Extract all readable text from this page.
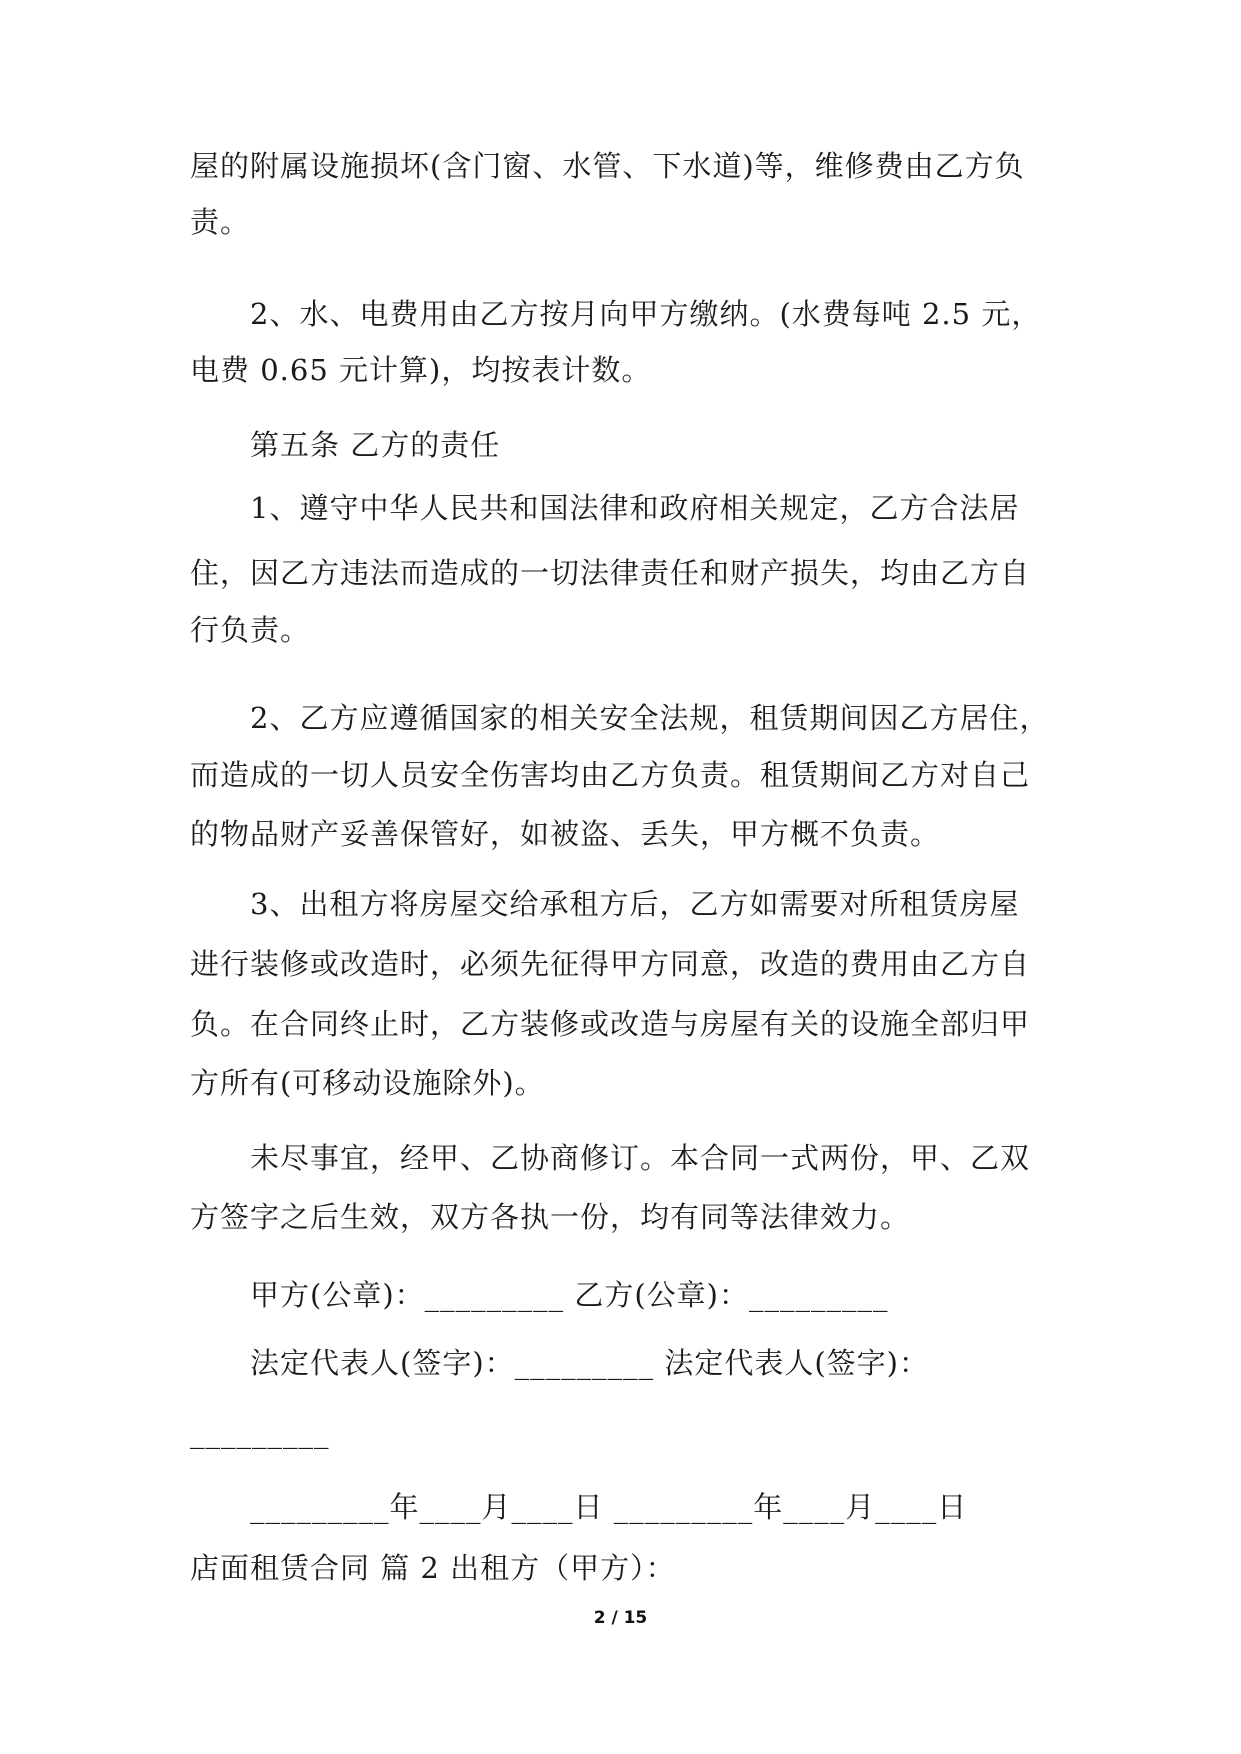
屋的附属设施损坏(含门窗、水管、下水道)等，维修费由乙方负
责。
2、水、电费用由乙方按月向甲方缴纳。(水费每吨 2.5 元，
电费 0.65 元计算)，均按表计数。
第五条 乙方的责任
1、遵守中华人民共和国法律和政府相关规定，乙方合法居
住，因乙方违法而造成的一切法律责任和财产损失，均由乙方自
行负责。
2、乙方应遵循国家的相关安全法规，租赁期间因乙方居住，
而造成的一切人员安全伤害均由乙方负责。租赁期间乙方对自己
的物品财产妥善保管好，如被盗、丢失，甲方概不负责。
3、出租方将房屋交给承租方后，乙方如需要对所租赁房屋
进行装修或改造时，必须先征得甲方同意，改造的费用由乙方自
负。在合同终止时，乙方装修或改造与房屋有关的设施全部归甲
方所有(可移动设施除外)。
未尽事宜，经甲、乙协商修订。本合同一式两份，甲、乙双
方签字之后生效，双方各执一份，均有同等法律效力。
甲方(公章)：_________ 乙方(公章)：_________
法定代表人(签字)：_________ 法定代表人(签字)：
_________
_________年____月____日 _________年____月____日
店面租赁合同 篇 2 出租方（甲方）：
2 / 15
